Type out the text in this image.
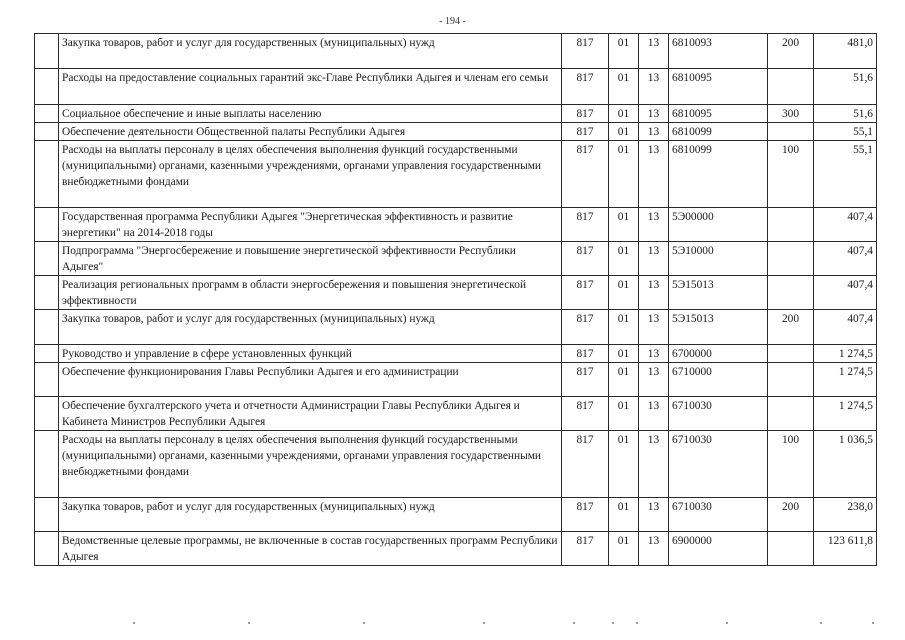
- 194 -
	Закупка товаров, работ и услуг для государственных (муниципальных) нужд	817	01	13	6810093	200	481,0
	Расходы на предоставление социальных гарантий экс-Главе Республики Адыгея и членам его семьи	817	01	13	6810095		51,6
	Социальное обеспечение и иные выплаты населению	817	01	13	6810095	300	51,6
	Обеспечение деятельности Общественной палаты Республики Адыгея	817	01	13	6810099		55,1
	Расходы на выплаты персоналу в целях обеспечения выполнения функций государственными (муниципальными) органами, казенными учреждениями, органами управления государственными внебюджетными фондами	817	01	13	6810099	100	55,1
	Государственная программа Республики Адыгея "Энергетическая эффективность и развитие энергетики" на 2014-2018 годы	817	01	13	5Э00000		407,4
	Подпрограмма "Энергосбережение и повышение энергетической эффективности Республики Адыгея"	817	01	13	5Э10000		407,4
	Реализация региональных программ в области энергосбережения и повышения энергетической эффективности	817	01	13	5Э15013		407,4
	Закупка товаров, работ и услуг для государственных (муниципальных) нужд	817	01	13	5Э15013	200	407,4
	Руководство и управление в сфере установленных функций	817	01	13	6700000		1 274,5
	Обеспечение функционирования Главы Республики Адыгея и его администрации	817	01	13	6710000		1 274,5
	Обеспечение бухгалтерского учета и отчетности Администрации Главы Республики Адыгея и Кабинета Министров Республики Адыгея	817	01	13	6710030		1 274,5
	Расходы на выплаты персоналу в целях обеспечения выполнения функций государственными (муниципальными) органами, казенными учреждениями, органами управления государственными внебюджетными фондами	817	01	13	6710030	100	1 036,5
	Закупка товаров, работ и услуг для государственных (муниципальных) нужд	817	01	13	6710030	200	238,0
	Ведомственные целевые программы, не включенные в состав государственных программ Республики Адыгея	817	01	13	6900000		123 611,8
